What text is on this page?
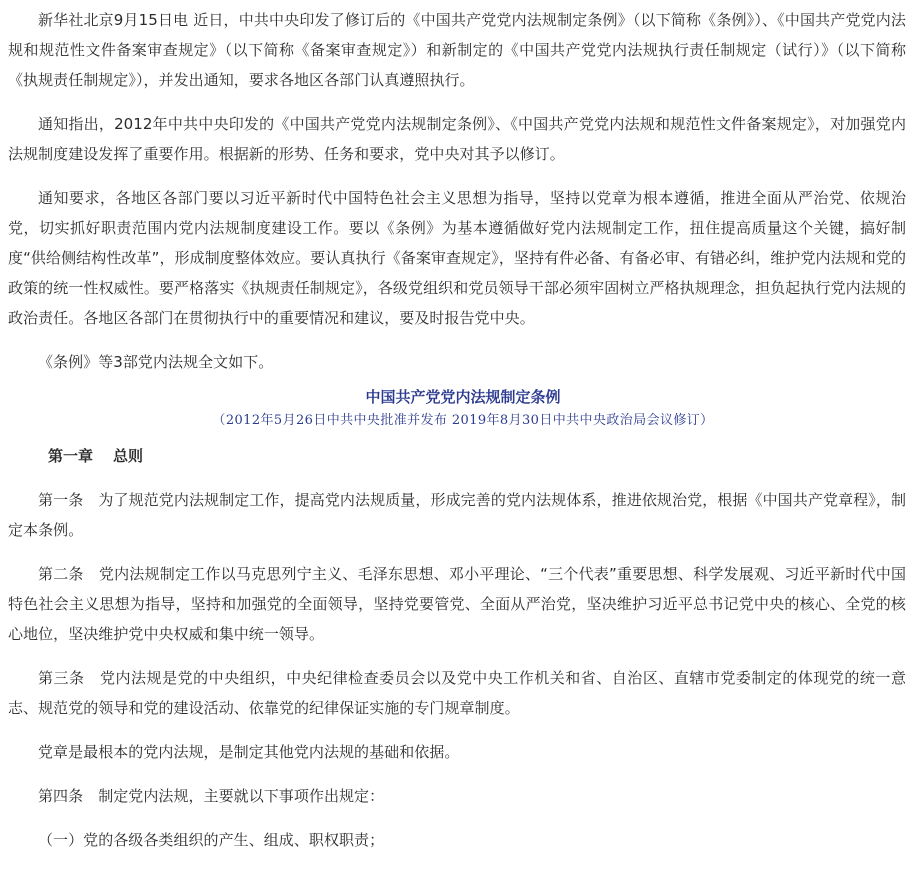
新华社北京9月15日电 近日，中共中央印发了修订后的《中国共产党党内法规制定条例》（以下简称《条例》）、《中国共产党党内法规和规范性文件备案审查规定》（以下简称《备案审查规定》）和新制定的《中国共产党党内法规执行责任制规定（试行）》（以下简称《执规责任制规定》），并发出通知，要求各地区各部门认真遵照执行。

通知指出，2012年中共中央印发的《中国共产党党内法规制定条例》、《中国共产党党内法规和规范性文件备案规定》，对加强党内法规制度建设发挥了重要作用。根据新的形势、任务和要求，党中央对其予以修订。

通知要求，各地区各部门要以习近平新时代中国特色社会主义思想为指导，坚持以党章为根本遵循，推进全面从严治党、依规治党，切实抓好职责范围内党内法规制度建设工作。要以《条例》为基本遵循做好党内法规制定工作，扭住提高质量这个关键，搞好制度“供给侧结构性改革”，形成制度整体效应。要认真执行《备案审查规定》，坚持有件必备、有备必审、有错必纠，维护党内法规和党的政策的统一性权威性。要严格落实《执规责任制规定》，各级党组织和党员领导干部必须牢固树立严格执规理念，担负起执行党内法规的政治责任。各地区各部门在贯彻执行中的重要情况和建议，要及时报告党中央。

《条例》等3部党内法规全文如下。

中国共产党党内法规制定条例

（2012年5月26日中共中央批准并发布 2019年8月30日中共中央政治局会议修订）

第一章 总则

第一条　为了规范党内法规制定工作，提高党内法规质量，形成完善的党内法规体系，推进依规治党，根据《中国共产党章程》，制定本条例。

第二条　党内法规制定工作以马克思列宁主义、毛泽东思想、邓小平理论、“三个代表”重要思想、科学发展观、习近平新时代中国特色社会主义思想为指导，坚持和加强党的全面领导，坚持党要管党、全面从严治党，坚决维护习近平总书记党中央的核心、全党的核心地位，坚决维护党中央权威和集中统一领导。

第三条　党内法规是党的中央组织，中央纪律检查委员会以及党中央工作机关和省、自治区、直辖市党委制定的体现党的统一意志、规范党的领导和党的建设活动、依靠党的纪律保证实施的专门规章制度。

党章是最根本的党内法规，是制定其他党内法规的基础和依据。

第四条　制定党内法规，主要就以下事项作出规定：

（一）党的各级各类组织的产生、组成、职权职责；
